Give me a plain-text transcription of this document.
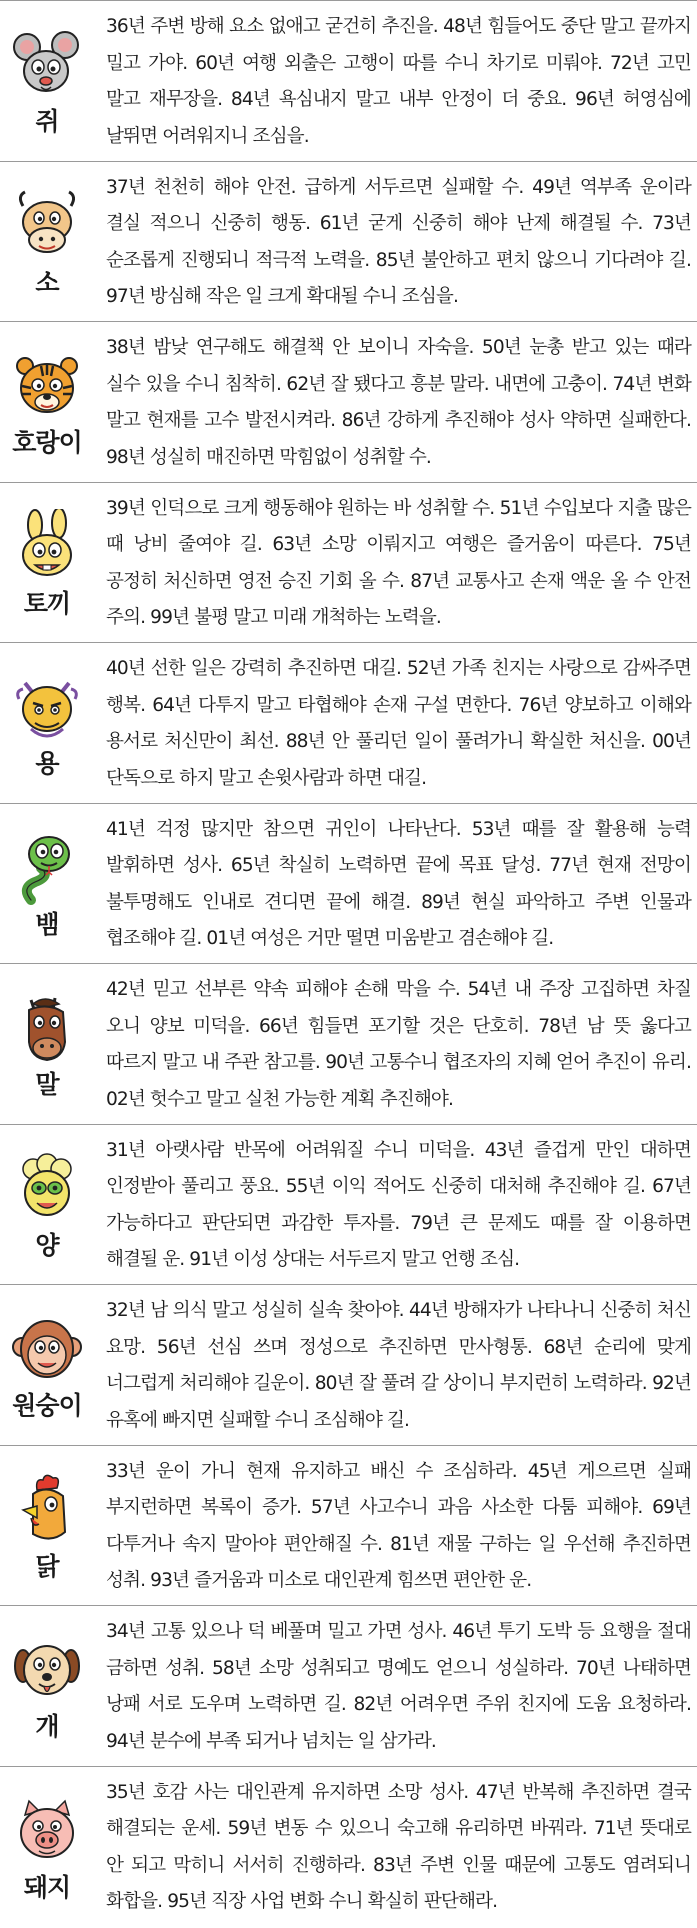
쥐

36년 주변 방해 요소 없애고 굳건히 추진을. 48년 힘들어도 중단 말고 끝까지 밀고 가야. 60년 여행 외출은 고행이 따를 수니 차기로 미뤄야. 72년 고민 말고 재무장을. 84년 욕심내지 말고 내부 안정이 더 중요. 96년 허영심에 날뛰면 어려워지니 조심을.

소

37년 천천히 해야 안전. 급하게 서두르면 실패할 수. 49년 역부족 운이라 결실 적으니 신중히 행동. 61년 굳게 신중히 해야 난제 해결될 수. 73년 순조롭게 진행되니 적극적 노력을. 85년 불안하고 편치 않으니 기다려야 길. 97년 방심해 작은 일 크게 확대될 수니 조심을.

호랑이

38년 밤낮 연구해도 해결책 안 보이니 자숙을. 50년 눈총 받고 있는 때라 실수 있을 수니 침착히. 62년 잘 됐다고 흥분 말라. 내면에 고충이. 74년 변화 말고 현재를 고수 발전시켜라. 86년 강하게 추진해야 성사 약하면 실패한다. 98년 성실히 매진하면 막힘없이 성취할 수.

토끼

39년 인덕으로 크게 행동해야 원하는 바 성취할 수. 51년 수입보다 지출 많은 때 낭비 줄여야 길. 63년 소망 이뤄지고 여행은 즐거움이 따른다. 75년 공정히 처신하면 영전 승진 기회 올 수. 87년 교통사고 손재 액운 올 수 안전 주의. 99년 불평 말고 미래 개척하는 노력을.

용

40년 선한 일은 강력히 추진하면 대길. 52년 가족 친지는 사랑으로 감싸주면 행복. 64년 다투지 말고 타협해야 손재 구설 면한다. 76년 양보하고 이해와 용서로 처신만이 최선. 88년 안 풀리던 일이 풀려가니 확실한 처신을. 00년 단독으로 하지 말고 손윗사람과 하면 대길.

뱀

41년 걱정 많지만 참으면 귀인이 나타난다. 53년 때를 잘 활용해 능력 발휘하면 성사. 65년 착실히 노력하면 끝에 목표 달성. 77년 현재 전망이 불투명해도 인내로 견디면 끝에 해결. 89년 현실 파악하고 주변 인물과 협조해야 길. 01년 여성은 거만 떨면 미움받고 겸손해야 길.

말

42년 믿고 선부른 약속 피해야 손해 막을 수. 54년 내 주장 고집하면 차질 오니 양보 미덕을. 66년 힘들면 포기할 것은 단호히. 78년 남 뜻 옳다고 따르지 말고 내 주관 참고를. 90년 고통수니 협조자의 지혜 얻어 추진이 유리. 02년 헛수고 말고 실천 가능한 계획 추진해야.

양

31년 아랫사람 반목에 어려워질 수니 미덕을. 43년 즐겁게 만인 대하면 인정받아 풀리고 풍요. 55년 이익 적어도 신중히 대처해 추진해야 길. 67년 가능하다고 판단되면 과감한 투자를. 79년 큰 문제도 때를 잘 이용하면 해결될 운. 91년 이성 상대는 서두르지 말고 언행 조심.

원숭이

32년 남 의식 말고 성실히 실속 찾아야. 44년 방해자가 나타나니 신중히 처신 요망. 56년 선심 쓰며 정성으로 추진하면 만사형통. 68년 순리에 맞게 너그럽게 처리해야 길운이. 80년 잘 풀려 갈 상이니 부지런히 노력하라. 92년 유혹에 빠지면 실패할 수니 조심해야 길.

닭

33년 운이 가니 현재 유지하고 배신 수 조심하라. 45년 게으르면 실패 부지런하면 복록이 증가. 57년 사고수니 과음 사소한 다툼 피해야. 69년 다투거나 속지 말아야 편안해질 수. 81년 재물 구하는 일 우선해 추진하면 성취. 93년 즐거움과 미소로 대인관계 힘쓰면 편안한 운.

개

34년 고통 있으나 덕 베풀며 밀고 가면 성사. 46년 투기 도박 등 요행을 절대 금하면 성취. 58년 소망 성취되고 명예도 얻으니 성실하라. 70년 나태하면 낭패 서로 도우며 노력하면 길. 82년 어려우면 주위 친지에 도움 요청하라. 94년 분수에 부족 되거나 넘치는 일 삼가라.

돼지

35년 호감 사는 대인관계 유지하면 소망 성사. 47년 반복해 추진하면 결국 해결되는 운세. 59년 변동 수 있으니 숙고해 유리하면 바꿔라. 71년 뜻대로 안 되고 막히니 서서히 진행하라. 83년 주변 인물 때문에 고통도 염려되니 화합을. 95년 직장 사업 변화 수니 확실히 판단해라.
